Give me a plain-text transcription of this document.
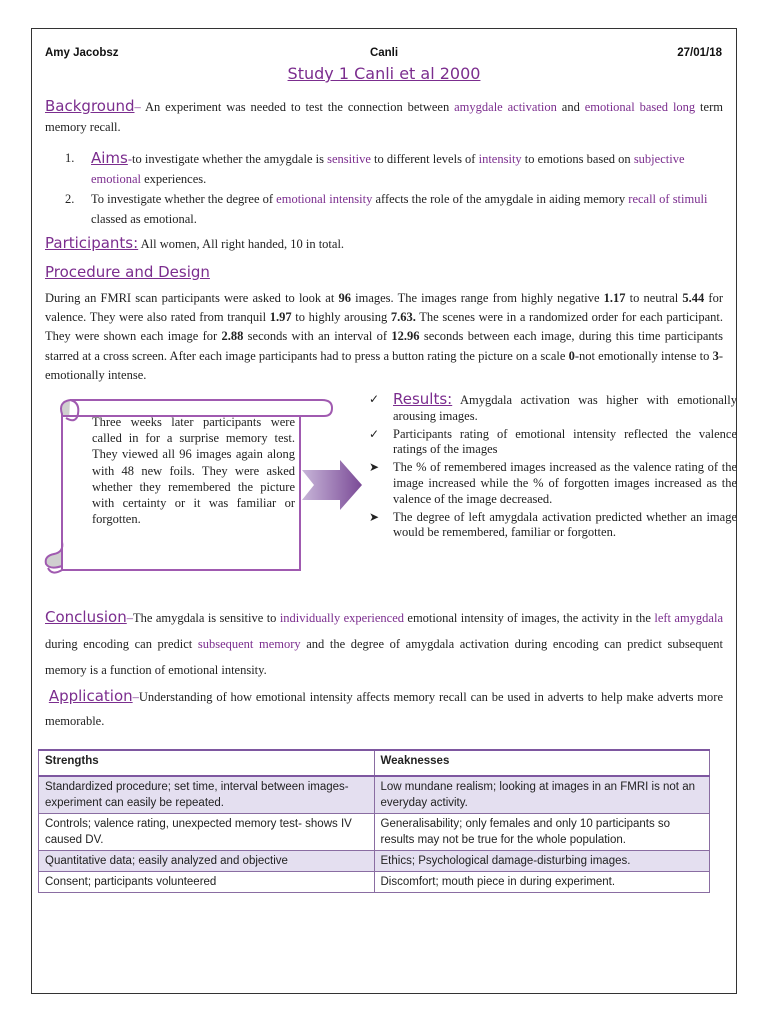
Amy Jacobsz	Canli	27/01/18
Study 1 Canli et al 2000
Background– An experiment was needed to test the connection between amygdale activation and emotional based long term memory recall.
1. Aims-to investigate whether the amygdale is sensitive to different levels of intensity to emotions based on subjective emotional experiences.
2. To investigate whether the degree of emotional intensity affects the role of the amygdale in aiding memory recall of stimuli classed as emotional.
Participants: All women, All right handed, 10 in total.
Procedure and Design
During an FMRI scan participants were asked to look at 96 images. The images range from highly negative 1.17 to neutral 5.44 for valence. They were also rated from tranquil 1.97 to highly arousing 7.63. The scenes were in a randomized order for each participant. They were shown each image for 2.88 seconds with an interval of 12.96 seconds between each image, during this time participants starred at a cross screen. After each image participants had to press a button rating the picture on a scale 0-not emotionally intense to 3-emotionally intense.
Three weeks later participants were called in for a surprise memory test. They viewed all 96 images again along with 48 new foils. They were asked whether they remembered the picture with certainty or it was familiar or forgotten.
✓ Results: Amygdala activation was higher with emotionally arousing images.
✓ Participants rating of emotional intensity reflected the valence ratings of the images
➤ The % of remembered images increased as the valence rating of the image increased while the % of forgotten images increased as the valence of the image decreased.
➤ The degree of left amygdala activation predicted whether an image would be remembered, familiar or forgotten.
Conclusion–The amygdala is sensitive to individually experienced emotional intensity of images, the activity in the left amygdala during encoding can predict subsequent memory and the degree of amygdala activation during encoding can predict subsequent memory is a function of emotional intensity.
Application–Understanding of how emotional intensity affects memory recall can be used in adverts to help make adverts more memorable.
Strengths	Weaknesses
Standardized procedure; set time, interval between images- experiment can easily be repeated.	Low mundane realism; looking at images in an FMRI is not an everyday activity.
Controls; valence rating, unexpected memory test- shows IV caused DV.	Generalisability; only females and only 10 participants so results may not be true for the whole population.
Quantitative data; easily analyzed and objective	Ethics; Psychological damage-disturbing images.
Consent; participants volunteered	Discomfort; mouth piece in during experiment.
